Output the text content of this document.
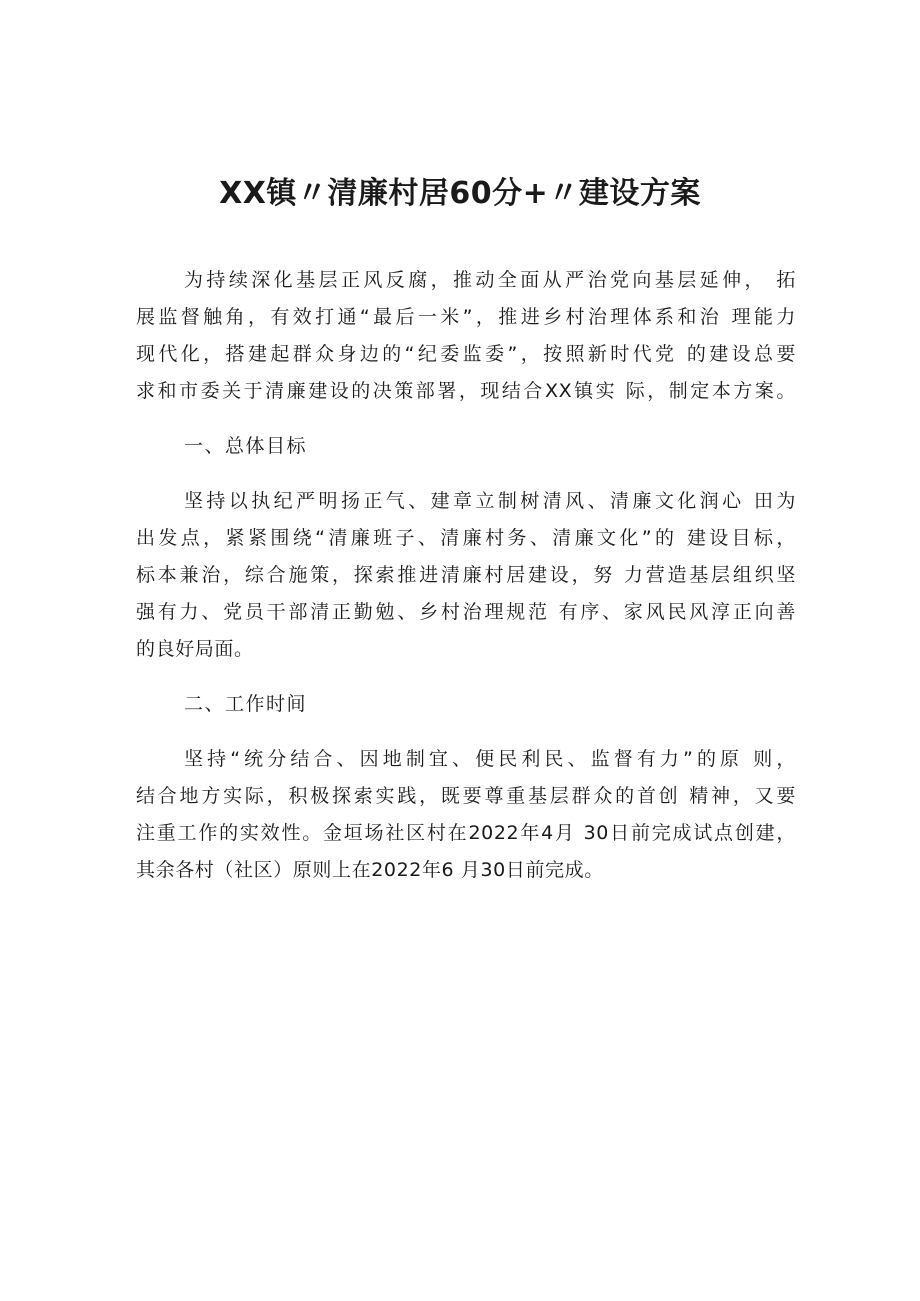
XX镇〃清廉村居60分+〃建设方案
为持续深化基层正风反腐，推动全面从严治党向基层延伸， 拓
展监督触角，有效打通“最后一米”，推进乡村治理体系和治 理能力
现代化，搭建起群众身边的“纪委监委”，按照新时代党 的建设总要
求和市委关于清廉建设的决策部署，现结合XX镇实 际，制定本方案。
一、总体目标
坚持以执纪严明扬正气、建章立制树清风、清廉文化润心 田为
出发点，紧紧围绕“清廉班子、清廉村务、清廉文化”的 建设目标，
标本兼治，综合施策，探索推进清廉村居建设，努 力营造基层组织坚
强有力、党员干部清正勤勉、乡村治理规范 有序、家风民风淳正向善
的良好局面。
二、工作时间
坚持“统分结合、因地制宜、便民利民、监督有力”的原 则，
结合地方实际，积极探索实践，既要尊重基层群众的首创 精神，又要
注重工作的实效性。金垣场社区村在2022年4月 30日前完成试点创建，
其余各村（社区）原则上在2022年6 月30日前完成。
